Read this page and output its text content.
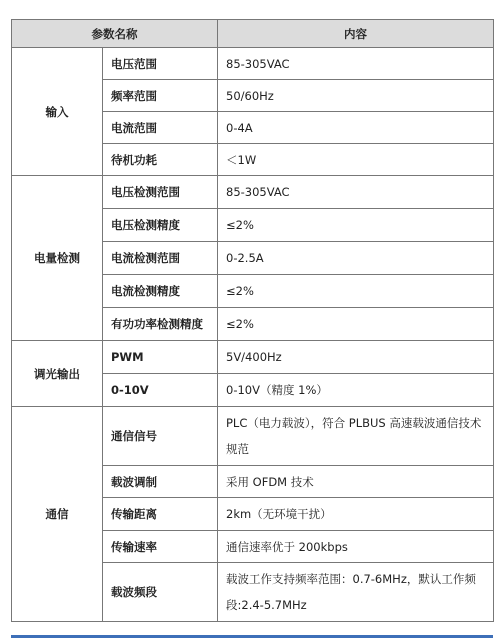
参数名称		内容
输入	电压范围	85-305VAC
	频率范围	50/60Hz
	电流范围	0-4A
	待机功耗	＜1W
电量检测	电压检测范围	85-305VAC
	电压检测精度	≤2%
	电流检测范围	0-2.5A
	电流检测精度	≤2%
	有功功率检测精度	≤2%
调光输出	PWM	5V/400Hz
	0-10V	0-10V（精度 1%）
通信	通信信号	PLC（电力载波），符合 PLBUS 高速载波通信技术规范
	载波调制	采用 OFDM 技术
	传输距离	2km（无环境干扰）
	传输速率	通信速率优于 200kbps
	载波频段	载波工作支持频率范围：0.7-6MHz，默认工作频段:2.4-5.7MHz
